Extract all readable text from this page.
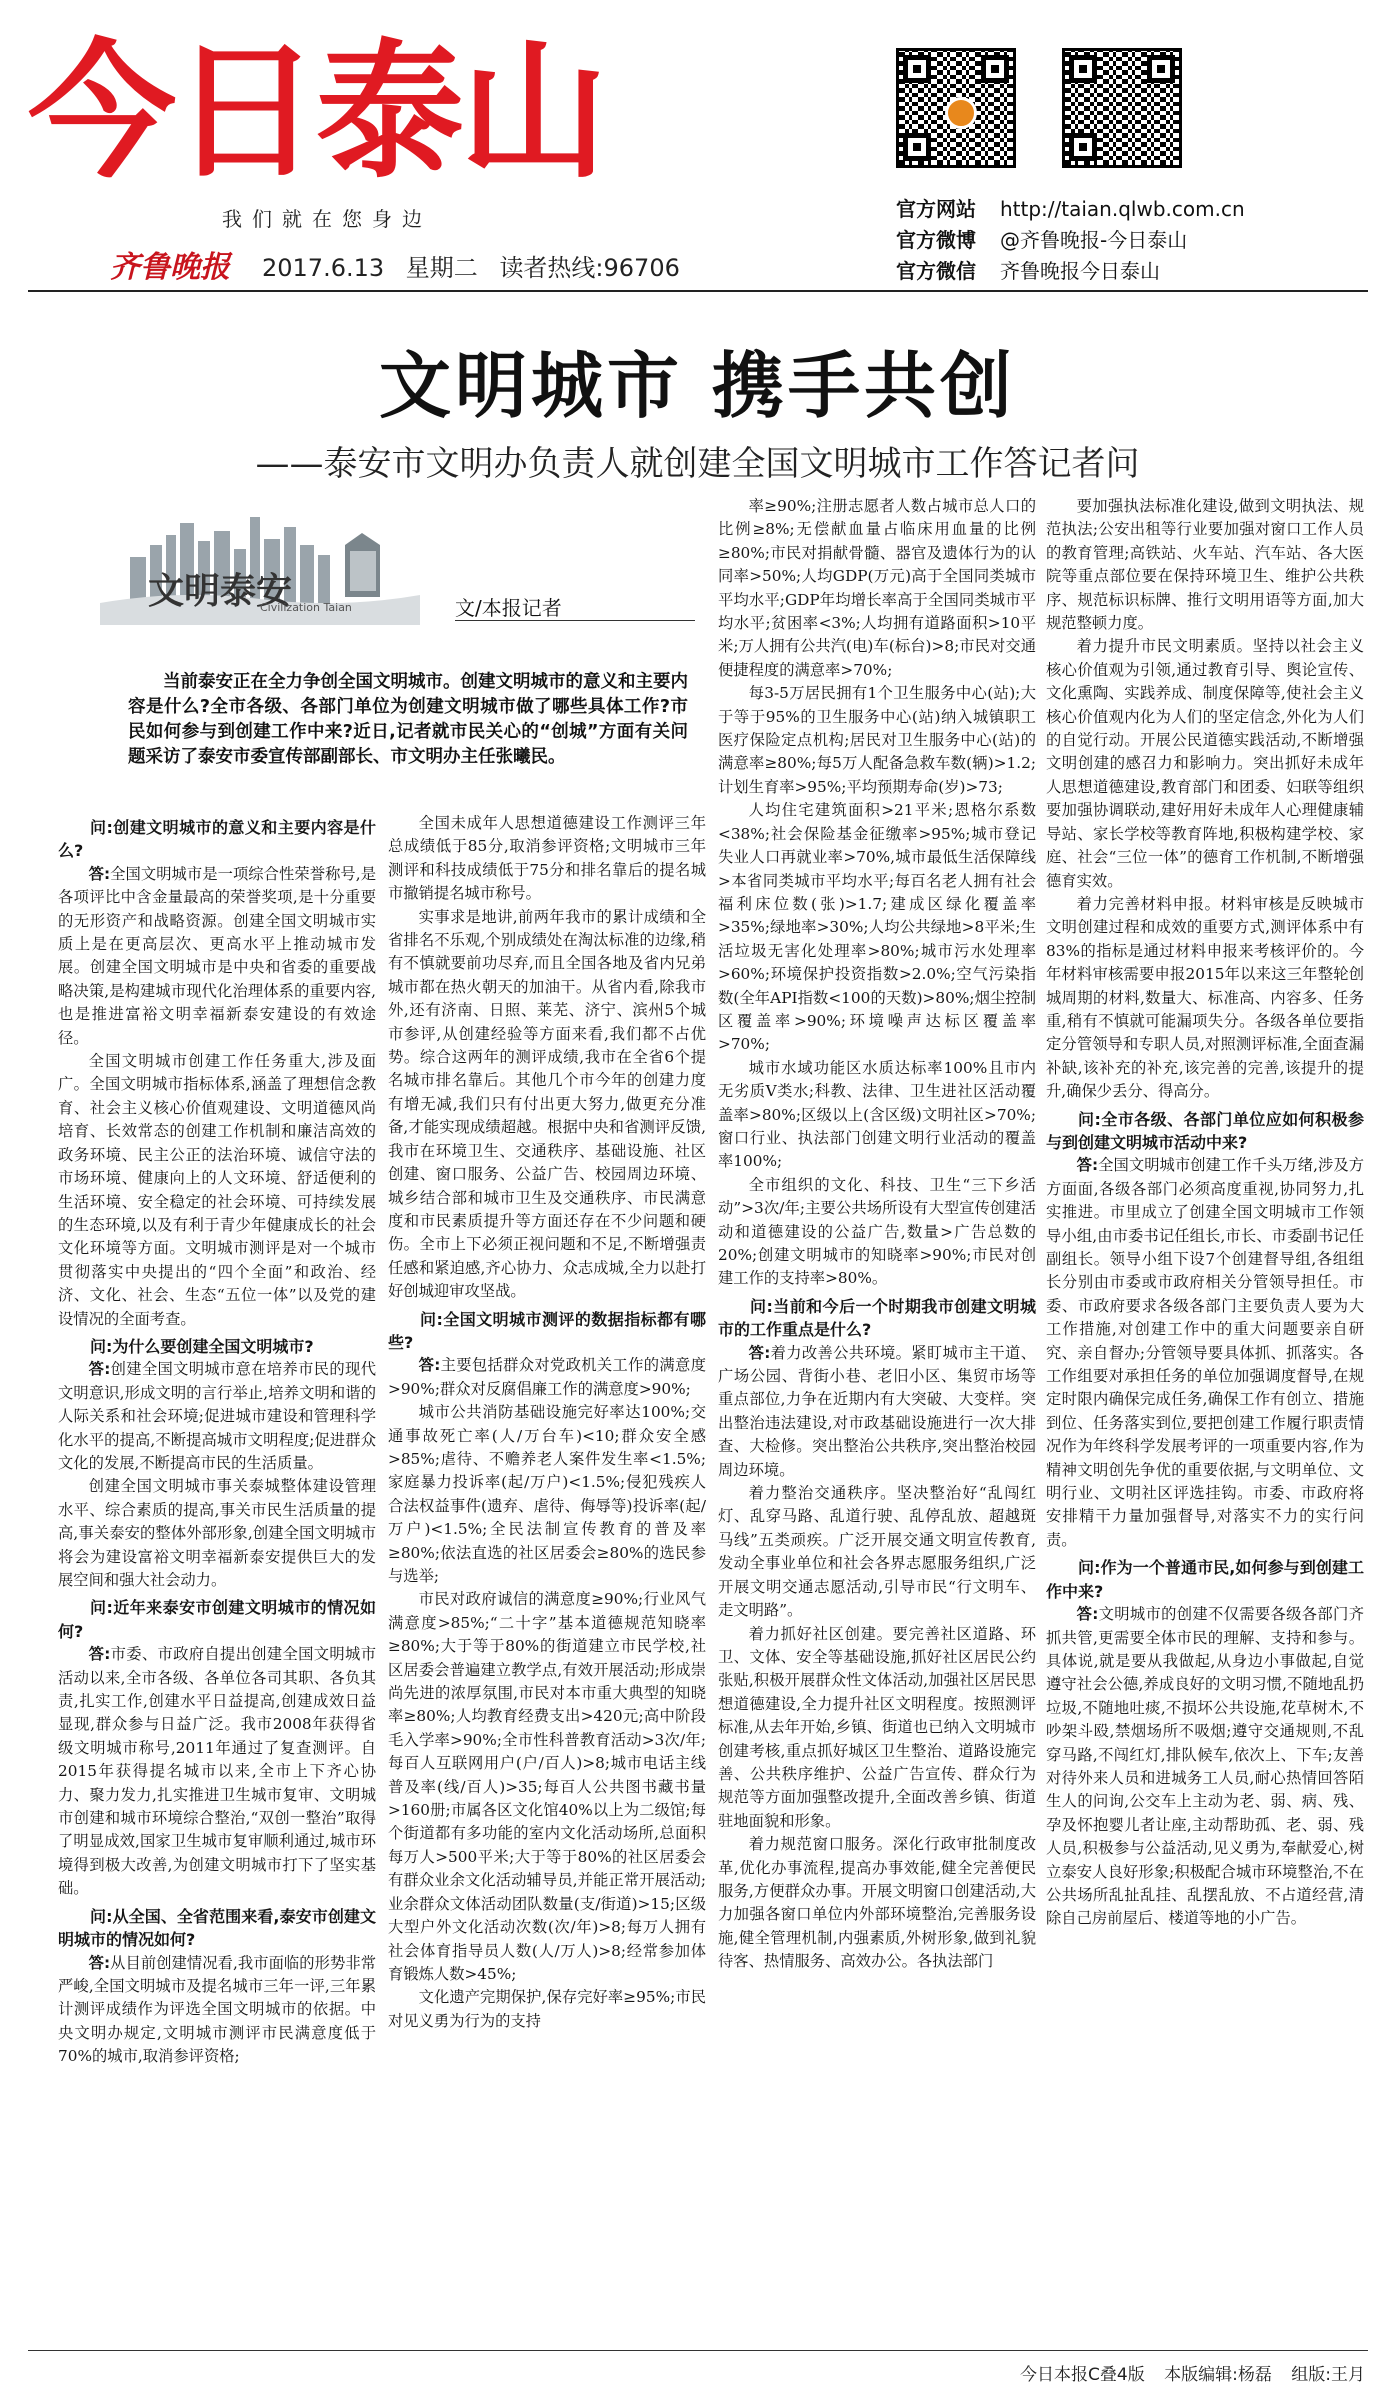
今日泰山
我们就在您身边
齐鲁晚报 2017.6.13 星期二 读者热线:96706
官方网站 http://taian.qlwb.com.cn
官方微博 @齐鲁晚报-今日泰山
官方微信 齐鲁晚报今日泰山
文明城市 携手共创
——泰安市文明办负责人就创建全国文明城市工作答记者问
文明泰安
Civilization Taian	文/本报记者

当前泰安正在全力争创全国文明城市。创建文明城市的意义和主要内容是什么?全市各级、各部门单位为创建文明城市做了哪些具体工作?市民如何参与到创建工作中来?近日,记者就市民关心的“创城”方面有关问题采访了泰安市委宣传部副部长、市文明办主任张曦民。

问:创建文明城市的意义和主要内容是什么?

答:全国文明城市是一项综合性荣誉称号,是各项评比中含金量最高的荣誉奖项,是十分重要的无形资产和战略资源。创建全国文明城市实质上是在更高层次、更高水平上推动城市发展。创建全国文明城市是中央和省委的重要战略决策,是构建城市现代化治理体系的重要内容,也是推进富裕文明幸福新泰安建设的有效途径。

全国文明城市创建工作任务重大,涉及面广。全国文明城市指标体系,涵盖了理想信念教育、社会主义核心价值观建设、文明道德风尚培育、长效常态的创建工作机制和廉洁高效的政务环境、民主公正的法治环境、诚信守法的市场环境、健康向上的人文环境、舒适便利的生活环境、安全稳定的社会环境、可持续发展的生态环境,以及有利于青少年健康成长的社会文化环境等方面。文明城市测评是对一个城市贯彻落实中央提出的“四个全面”和政治、经济、文化、社会、生态“五位一体”以及党的建设情况的全面考查。

问:为什么要创建全国文明城市?

答:创建全国文明城市意在培养市民的现代文明意识,形成文明的言行举止,培养文明和谐的人际关系和社会环境;促进城市建设和管理科学化水平的提高,不断提高城市文明程度;促进群众文化的发展,不断提高市民的生活质量。

创建全国文明城市事关泰城整体建设管理水平、综合素质的提高,事关市民生活质量的提高,事关泰安的整体外部形象,创建全国文明城市将会为建设富裕文明幸福新泰安提供巨大的发展空间和强大社会动力。

问:近年来泰安市创建文明城市的情况如何?

答:市委、市政府自提出创建全国文明城市活动以来,全市各级、各单位各司其职、各负其责,扎实工作,创建水平日益提高,创建成效日益显现,群众参与日益广泛。我市2008年获得省级文明城市称号,2011年通过了复查测评。自2015年获得提名城市以来,全市上下齐心协力、聚力发力,扎实推进卫生城市复审、文明城市创建和城市环境综合整治,“双创一整治”取得了明显成效,国家卫生城市复审顺利通过,城市环境得到极大改善,为创建文明城市打下了坚实基础。

问:从全国、全省范围来看,泰安市创建文明城市的情况如何?

答:从目前创建情况看,我市面临的形势非常严峻,全国文明城市及提名城市三年一评,三年累计测评成绩作为评选全国文明城市的依据。中央文明办规定,文明城市测评市民满意度低于70%的城市,取消参评资格;

全国未成年人思想道德建设工作测评三年总成绩低于85分,取消参评资格;文明城市三年测评和科技成绩低于75分和排名靠后的提名城市撤销提名城市称号。

实事求是地讲,前两年我市的累计成绩和全省排名不乐观,个别成绩处在淘汰标准的边缘,稍有不慎就要前功尽弃,而且全国各地及省内兄弟城市都在热火朝天的加油干。从省内看,除我市外,还有济南、日照、莱芜、济宁、滨州5个城市参评,从创建经验等方面来看,我们都不占优势。综合这两年的测评成绩,我市在全省6个提名城市排名靠后。其他几个市今年的创建力度有增无减,我们只有付出更大努力,做更充分准备,才能实现成绩超越。根据中央和省测评反馈,我市在环境卫生、交通秩序、基础设施、社区创建、窗口服务、公益广告、校园周边环境、城乡结合部和城市卫生及交通秩序、市民满意度和市民素质提升等方面还存在不少问题和硬伤。全市上下必须正视问题和不足,不断增强责任感和紧迫感,齐心协力、众志成城,全力以赴打好创城迎审攻坚战。

问:全国文明城市测评的数据指标都有哪些?

答:主要包括群众对党政机关工作的满意度>90%;群众对反腐倡廉工作的满意度>90%;

城市公共消防基础设施完好率达100%;交通事故死亡率(人/万台车)<10;群众安全感>85%;虐待、不赡养老人案件发生率<1.5%;家庭暴力投诉率(起/万户)<1.5%;侵犯残疾人合法权益事件(遗弃、虐待、侮辱等)投诉率(起/万户)<1.5%;全民法制宣传教育的普及率≥80%;依法直选的社区居委会≥80%的选民参与选举;

市民对政府诚信的满意度≥90%;行业风气满意度>85%;“二十字”基本道德规范知晓率≥80%;大于等于80%的街道建立市民学校,社区居委会普遍建立教学点,有效开展活动;形成崇尚先进的浓厚氛围,市民对本市重大典型的知晓率≥80%;人均教育经费支出>420元;高中阶段毛入学率>90%;全市性科普教育活动>3次/年;每百人互联网用户(户/百人)>8;城市电话主线普及率(线/百人)>35;每百人公共图书藏书量>160册;市属各区文化馆40%以上为二级馆;每个街道都有多功能的室内文化活动场所,总面积每万人>500平米;大于等于80%的社区居委会有群众业余文化活动辅导员,并能正常开展活动;业余群众文体活动团队数量(支/街道)>15;区级大型户外文化活动次数(次/年)>8;每万人拥有社会体育指导员人数(人/万人)>8;经常参加体育锻炼人数>45%;

文化遗产完期保护,保存完好率≥95%;市民对见义勇为行为的支持

率≥90%;注册志愿者人数占城市总人口的比例≥8%;无偿献血量占临床用血量的比例≥80%;市民对捐献骨髓、器官及遗体行为的认同率>50%;人均GDP(万元)高于全国同类城市平均水平;GDP年均增长率高于全国同类城市平均水平;贫困率<3%;人均拥有道路面积>10平米;万人拥有公共汽(电)车(标台)>8;市民对交通便捷程度的满意率>70%;

每3-5万居民拥有1个卫生服务中心(站);大于等于95%的卫生服务中心(站)纳入城镇职工医疗保险定点机构;居民对卫生服务中心(站)的满意率≥80%;每5万人配备急救车数(辆)>1.2;计划生育率>95%;平均预期寿命(岁)>73;

人均住宅建筑面积>21平米;恩格尔系数<38%;社会保险基金征缴率>95%;城市登记失业人口再就业率>70%,城市最低生活保障线>本省同类城市平均水平;每百名老人拥有社会福利床位数(张)>1.7;建成区绿化覆盖率>35%;绿地率>30%;人均公共绿地>8平米;生活垃圾无害化处理率>80%;城市污水处理率>60%;环境保护投资指数>2.0%;空气污染指数(全年API指数<100的天数)>80%;烟尘控制区覆盖率>90%;环境噪声达标区覆盖率>70%;

城市水域功能区水质达标率100%且市内无劣质V类水;科教、法律、卫生进社区活动覆盖率>80%;区级以上(含区级)文明社区>70%;窗口行业、执法部门创建文明行业活动的覆盖率100%;

全市组织的文化、科技、卫生“三下乡活动”>3次/年;主要公共场所设有大型宣传创建活动和道德建设的公益广告,数量>广告总数的20%;创建文明城市的知晓率>90%;市民对创建工作的支持率>80%。

问:当前和今后一个时期我市创建文明城市的工作重点是什么?

答:着力改善公共环境。紧盯城市主干道、广场公园、背街小巷、老旧小区、集贸市场等重点部位,力争在近期内有大突破、大变样。突出整治违法建设,对市政基础设施进行一次大排查、大检修。突出整治公共秩序,突出整治校园周边环境。

着力整治交通秩序。坚决整治好“乱闯红灯、乱穿马路、乱道行驶、乱停乱放、超越斑马线”五类顽疾。广泛开展交通文明宣传教育,发动全事业单位和社会各界志愿服务组织,广泛开展文明交通志愿活动,引导市民“行文明车、走文明路”。

着力抓好社区创建。要完善社区道路、环卫、文体、安全等基础设施,抓好社区居民公约张贴,积极开展群众性文体活动,加强社区居民思想道德建设,全力提升社区文明程度。按照测评标准,从去年开始,乡镇、街道也已纳入文明城市创建考核,重点抓好城区卫生整治、道路设施完善、公共秩序维护、公益广告宣传、群众行为规范等方面加强整改提升,全面改善乡镇、街道驻地面貌和形象。

着力规范窗口服务。深化行政审批制度改革,优化办事流程,提高办事效能,健全完善便民服务,方便群众办事。开展文明窗口创建活动,大力加强各窗口单位内外部环境整治,完善服务设施,健全管理机制,内强素质,外树形象,做到礼貌待客、热情服务、高效办公。各执法部门

要加强执法标准化建设,做到文明执法、规范执法;公安出租等行业要加强对窗口工作人员的教育管理;高铁站、火车站、汽车站、各大医院等重点部位要在保持环境卫生、维护公共秩序、规范标识标牌、推行文明用语等方面,加大规范整顿力度。

着力提升市民文明素质。坚持以社会主义核心价值观为引领,通过教育引导、舆论宣传、文化熏陶、实践养成、制度保障等,使社会主义核心价值观内化为人们的坚定信念,外化为人们的自觉行动。开展公民道德实践活动,不断增强文明创建的感召力和影响力。突出抓好未成年人思想道德建设,教育部门和团委、妇联等组织要加强协调联动,建好用好未成年人心理健康辅导站、家长学校等教育阵地,积极构建学校、家庭、社会“三位一体”的德育工作机制,不断增强德育实效。

着力完善材料申报。材料审核是反映城市文明创建过程和成效的重要方式,测评体系中有83%的指标是通过材料申报来考核评价的。今年材料审核需要申报2015年以来这三年整轮创城周期的材料,数量大、标准高、内容多、任务重,稍有不慎就可能漏项失分。各级各单位要指定分管领导和专职人员,对照测评标准,全面查漏补缺,该补充的补充,该完善的完善,该提升的提升,确保少丢分、得高分。

问:全市各级、各部门单位应如何积极参与到创建文明城市活动中来?

答:全国文明城市创建工作千头万绪,涉及方方面面,各级各部门必须高度重视,协同努力,扎实推进。市里成立了创建全国文明城市工作领导小组,由市委书记任组长,市长、市委副书记任副组长。领导小组下设7个创建督导组,各组组长分别由市委或市政府相关分管领导担任。市委、市政府要求各级各部门主要负责人要为大工作措施,对创建工作中的重大问题要亲自研究、亲自督办;分管领导要具体抓、抓落实。各工作组要对承担任务的单位加强调度督导,在规定时限内确保完成任务,确保工作有创立、措施到位、任务落实到位,要把创建工作履行职责情况作为年终科学发展考评的一项重要内容,作为精神文明创先争优的重要依据,与文明单位、文明行业、文明社区评选挂钩。市委、市政府将安排精干力量加强督导,对落实不力的实行问责。

问:作为一个普通市民,如何参与到创建工作中来?

答:文明城市的创建不仅需要各级各部门齐抓共管,更需要全体市民的理解、支持和参与。具体说,就是要从我做起,从身边小事做起,自觉遵守社会公德,养成良好的文明习惯,不随地乱扔垃圾,不随地吐痰,不损坏公共设施,花草树木,不吵架斗殴,禁烟场所不吸烟;遵守交通规则,不乱穿马路,不闯红灯,排队候车,依次上、下车;友善对待外来人员和进城务工人员,耐心热情回答陌生人的问询,公交车上主动为老、弱、病、残、孕及怀抱婴儿者让座,主动帮助孤、老、弱、残人员,积极参与公益活动,见义勇为,奉献爱心,树立泰安人良好形象;积极配合城市环境整治,不在公共场所乱扯乱挂、乱摆乱放、不占道经营,清除自己房前屋后、楼道等地的小广告。

今日本报C叠4版 本版编辑:杨磊 组版:王月
